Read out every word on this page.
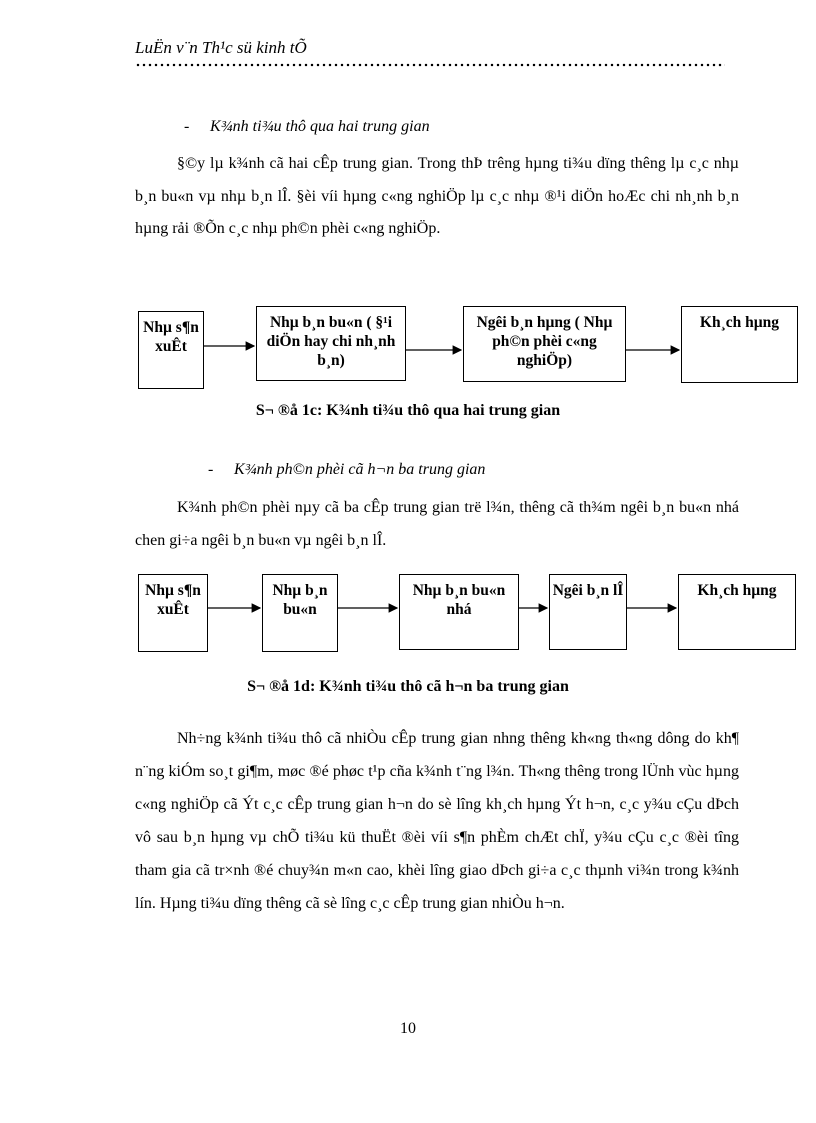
LuËn v¨n Th¹c sü kinh tÕ
- K¾nh ti¾u thô qua hai trung gian
§©y lµ k¾nh cã hai cÊp trung gian. Trong thÞ trêng hµng ti¾u dïng thêng lµ c¸c nhµ b¸n bu«n vµ nhµ b¸n lÎ. §èi víi hµng c«ng nghiÖp lµ c¸c nhµ ®¹i diÖn hoÆc chi nh¸nh b¸n hµng rải ®Õn c¸c nhµ ph©n phèi c«ng nghiÖp.
Nhµ s¶n xuÊt
Nhµ b¸n bu«n ( §¹i diÖn hay chi nh¸nh b¸n)
Ngêi b¸n hµng ( Nhµ ph©n phèi c«ng nghiÖp)
Kh¸ch hµng
S¬ ®å 1c: K¾nh ti¾u thô qua hai trung gian
- K¾nh ph©n phèi cã h¬n ba trung gian
K¾nh ph©n phèi nµy cã ba cÊp trung gian trë l¾n, thêng cã th¾m ngêi b¸n bu«n nhá chen gi÷a ngêi b¸n bu«n vµ ngêi b¸n lÎ.
Nhµ s¶n xuÊt
Nhµ b¸n bu«n
Nhµ b¸n bu«n nhá
Ngêi b¸n lÎ	Kh¸ch hµng
S¬ ®å 1d: K¾nh ti¾u thô cã h¬n ba trung gian
Nh÷ng k¾nh ti¾u thô cã nhiÒu cÊp trung gian nhng thêng kh«ng th«ng dông do kh¶ n¨ng kiÓm so¸t gi¶m, møc ®é phøc t¹p cña k¾nh t¨ng l¾n. Th«ng thêng trong lÜnh vùc hµng c«ng nghiÖp cã Ýt c¸c cÊp trung gian h¬n do sè lîng kh¸ch hµng Ýt h¬n, c¸c y¾u cÇu dÞch vô sau b¸n hµng vµ chÕ ti¾u kü thuËt ®èi víi s¶n phÈm chÆt chÏ, y¾u cÇu c¸c ®èi tîng tham gia cã tr×nh ®é chuy¾n m«n cao, khèi lîng giao dÞch gi÷a c¸c thµnh vi¾n trong k¾nh lín. Hµng ti¾u dïng thêng cã sè lîng c¸c cÊp trung gian nhiÒu h¬n.
10
